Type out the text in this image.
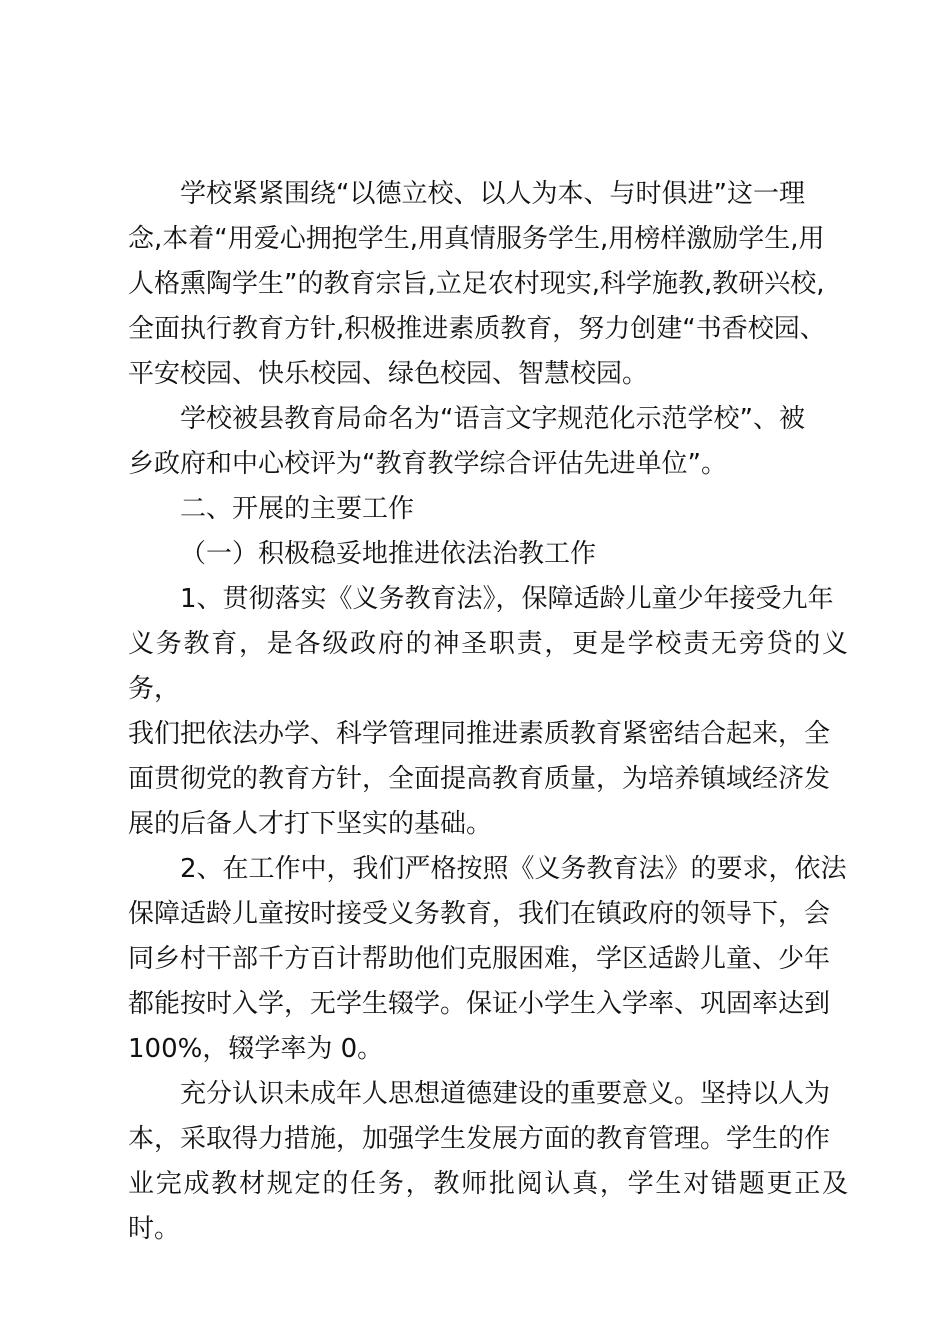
学校紧紧围绕“以德立校、以人为本、与时俱进”这一理
念,本着“用爱心拥抱学生,用真情服务学生,用榜样激励学生,用
人格熏陶学生”的教育宗旨,立足农村现实,科学施教,教研兴校,
全面执行教育方针,积极推进素质教育，努力创建“书香校园、
平安校园、快乐校园、绿色校园、智慧校园。

学校被县教育局命名为“语言文字规范化示范学校”、被
乡政府和中心校评为“教育教学综合评估先进单位”。

二、开展的主要工作

（一）积极稳妥地推进依法治教工作

1、贯彻落实《义务教育法》，保障适龄儿童少年接受九年
义务教育，是各级政府的神圣职责，更是学校责无旁贷的义务，
我们把依法办学、科学管理同推进素质教育紧密结合起来，全
面贯彻党的教育方针，全面提高教育质量，为培养镇域经济发
展的后备人才打下坚实的基础。

2、在工作中，我们严格按照《义务教育法》的要求，依法
保障适龄儿童按时接受义务教育，我们在镇政府的领导下，会
同乡村干部千方百计帮助他们克服困难，学区适龄儿童、少年
都能按时入学，无学生辍学。保证小学生入学率、巩固率达到
100%，辍学率为 0。

充分认识未成年人思想道德建设的重要意义。坚持以人为
本，采取得力措施，加强学生发展方面的教育管理。学生的作
业完成教材规定的任务，教师批阅认真，学生对错题更正及时。
